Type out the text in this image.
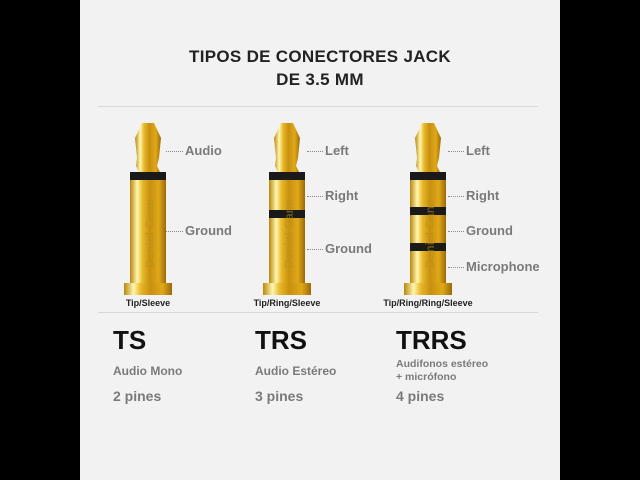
TIPOS DE CONECTORES JACK
DE 3.5 MM
Daniel Cano	Daniel Cano	Daniel Cano
Audio
Ground
Left
Right
Ground
Left
Right
Ground
Microphone
Tip/Sleeve	Tip/Ring/Sleeve	Tip/Ring/Ring/Sleeve
TS	TRS	TRRS
Audio Mono	Audio Estéreo	Audifonos estéreo
+ micrófono
2 pines	3 pines	4 pines
